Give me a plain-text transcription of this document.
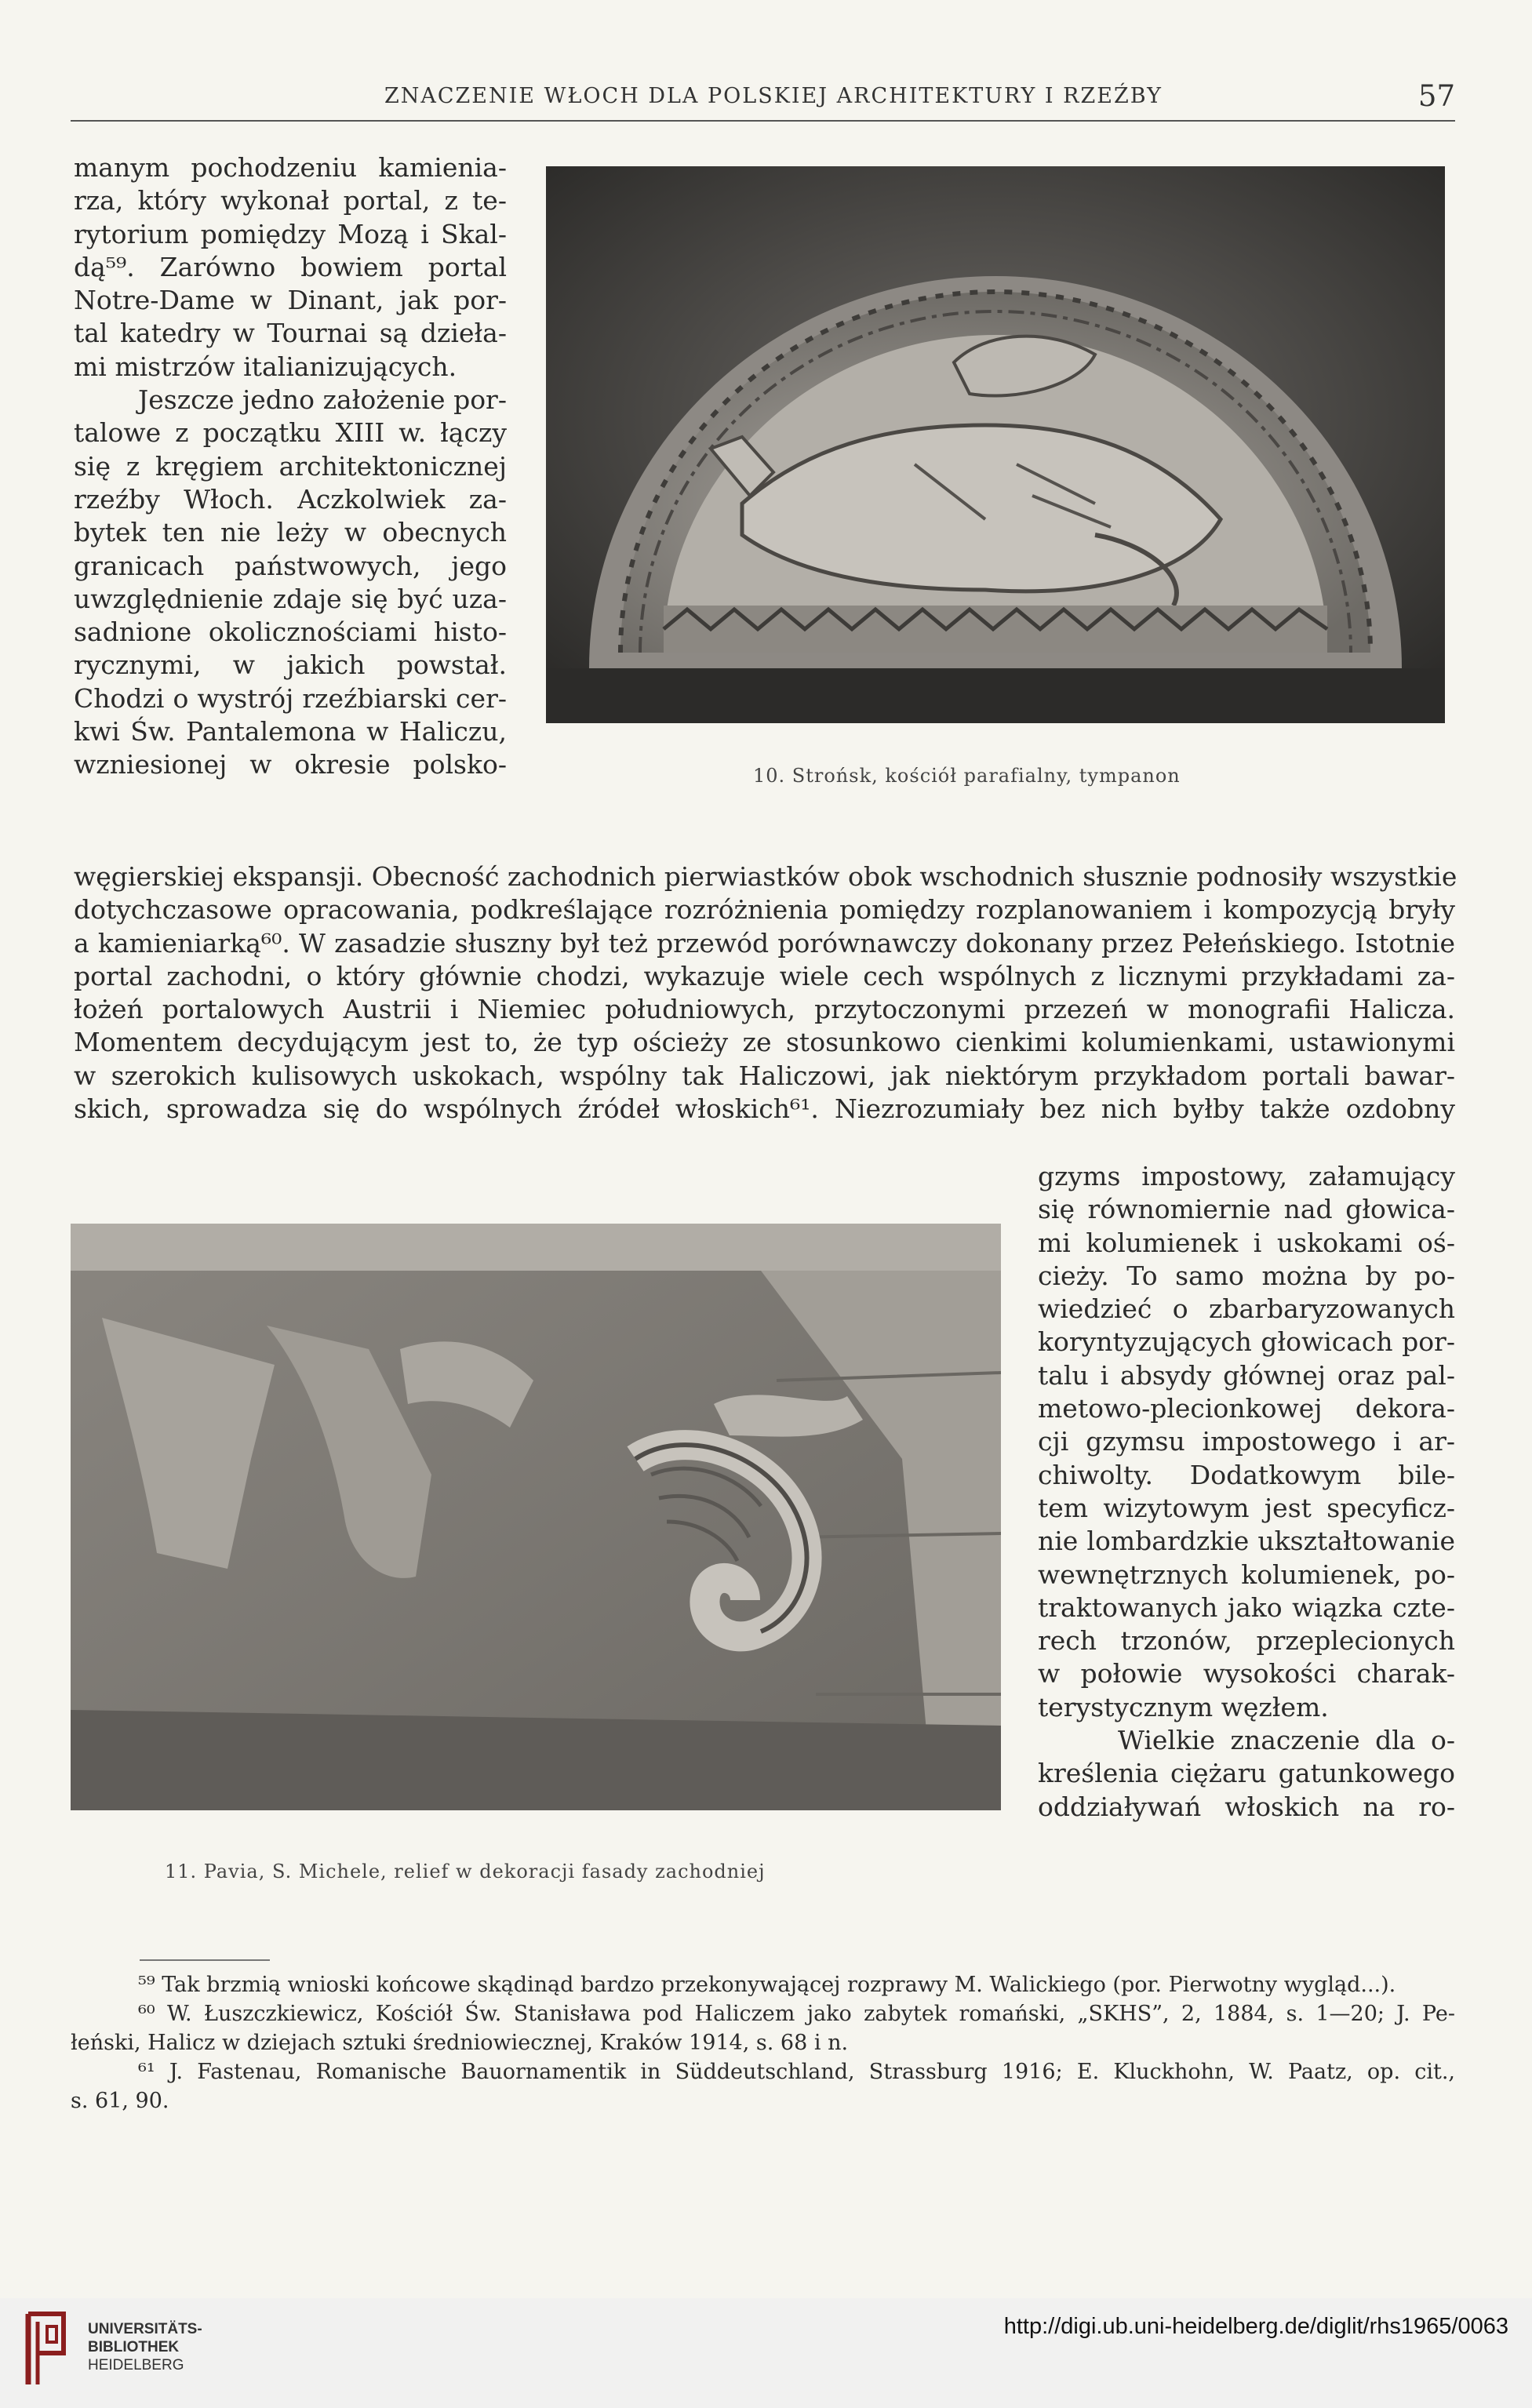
ZNACZENIE WŁOCH DLA POLSKIEJ ARCHITEKTURY I RZEŹBY	57
10. Strońsk, kościół parafialny, tympanon
manym pochodzeniu kamienia-
rza, który wykonał portal, z te-
rytorium pomiędzy Mozą i Skal-
dą⁵⁹. Zarówno bowiem portal
Notre-Dame w Dinant, jak por-
tal katedry w Tournai są dzieła-
mi mistrzów italianizujących.
Jeszcze jedno założenie por-
talowe z początku XIII w. łączy
się z kręgiem architektonicznej
rzeźby Włoch. Aczkolwiek za-
bytek ten nie leży w obecnych
granicach państwowych, jego
uwzględnienie zdaje się być uza-
sadnione okolicznościami histo-
rycznymi, w jakich powstał.
Chodzi o wystrój rzeźbiarski cer-
kwi Św. Pantalemona w Haliczu,
wzniesionej w okresie polsko-
węgierskiej ekspansji. Obecność zachodnich pierwiastków obok wschodnich słusznie podnosiły wszystkie
dotychczasowe opracowania, podkreślające rozróżnienia pomiędzy rozplanowaniem i kompozycją bryły
a kamieniarką⁶⁰. W zasadzie słuszny był też przewód porównawczy dokonany przez Pełeńskiego. Istotnie
portal zachodni, o który głównie chodzi, wykazuje wiele cech wspólnych z licznymi przykładami za-
łożeń portalowych Austrii i Niemiec południowych, przytoczonymi przezeń w monografii Halicza.
Momentem decydującym jest to, że typ ościeży ze stosunkowo cienkimi kolumienkami, ustawionymi
w szerokich kulisowych uskokach, wspólny tak Haliczowi, jak niektórym przykładom portali bawar-
skich, sprowadza się do wspólnych źródeł włoskich⁶¹. Niezrozumiały bez nich byłby także ozdobny
11. Pavia, S. Michele, relief w dekoracji fasady zachodniej
gzyms impostowy, załamujący
się równomiernie nad głowica-
mi kolumienek i uskokami oś-
cieży. To samo można by po-
wiedzieć o zbarbaryzowanych
koryntyzujących głowicach por-
talu i absydy głównej oraz pal-
metowo-plecionkowej dekora-
cji gzymsu impostowego i ar-
chiwolty. Dodatkowym bile-
tem wizytowym jest specyficz-
nie lombardzkie ukształtowanie
wewnętrznych kolumienek, po-
traktowanych jako wiązka czte-
rech trzonów, przeplecionych
w połowie wysokości charak-
terystycznym węzłem.
Wielkie znaczenie dla o-
kreślenia ciężaru gatunkowego
oddziaływań włoskich na ro-
⁵⁹ Tak brzmią wnioski końcowe skądinąd bardzo przekonywającej rozprawy M. Walickiego (por. Pierwotny wygląd...).
⁶⁰ W. Łuszczkiewicz, Kościół Św. Stanisława pod Haliczem jako zabytek romański, „SKHS”, 2, 1884, s. 1—20; J. Pe-
łeński, Halicz w dziejach sztuki średniowiecznej, Kraków 1914, s. 68 i n.
⁶¹ J. Fastenau, Romanische Bauornamentik in Süddeutschland, Strassburg 1916; E. Kluckhohn, W. Paatz, op. cit.,
s. 61, 90.
UNIVERSITÄTS-
BIBLIOTHEK
HEIDELBERG
http://digi.ub.uni-heidelberg.de/diglit/rhs1965/0063
